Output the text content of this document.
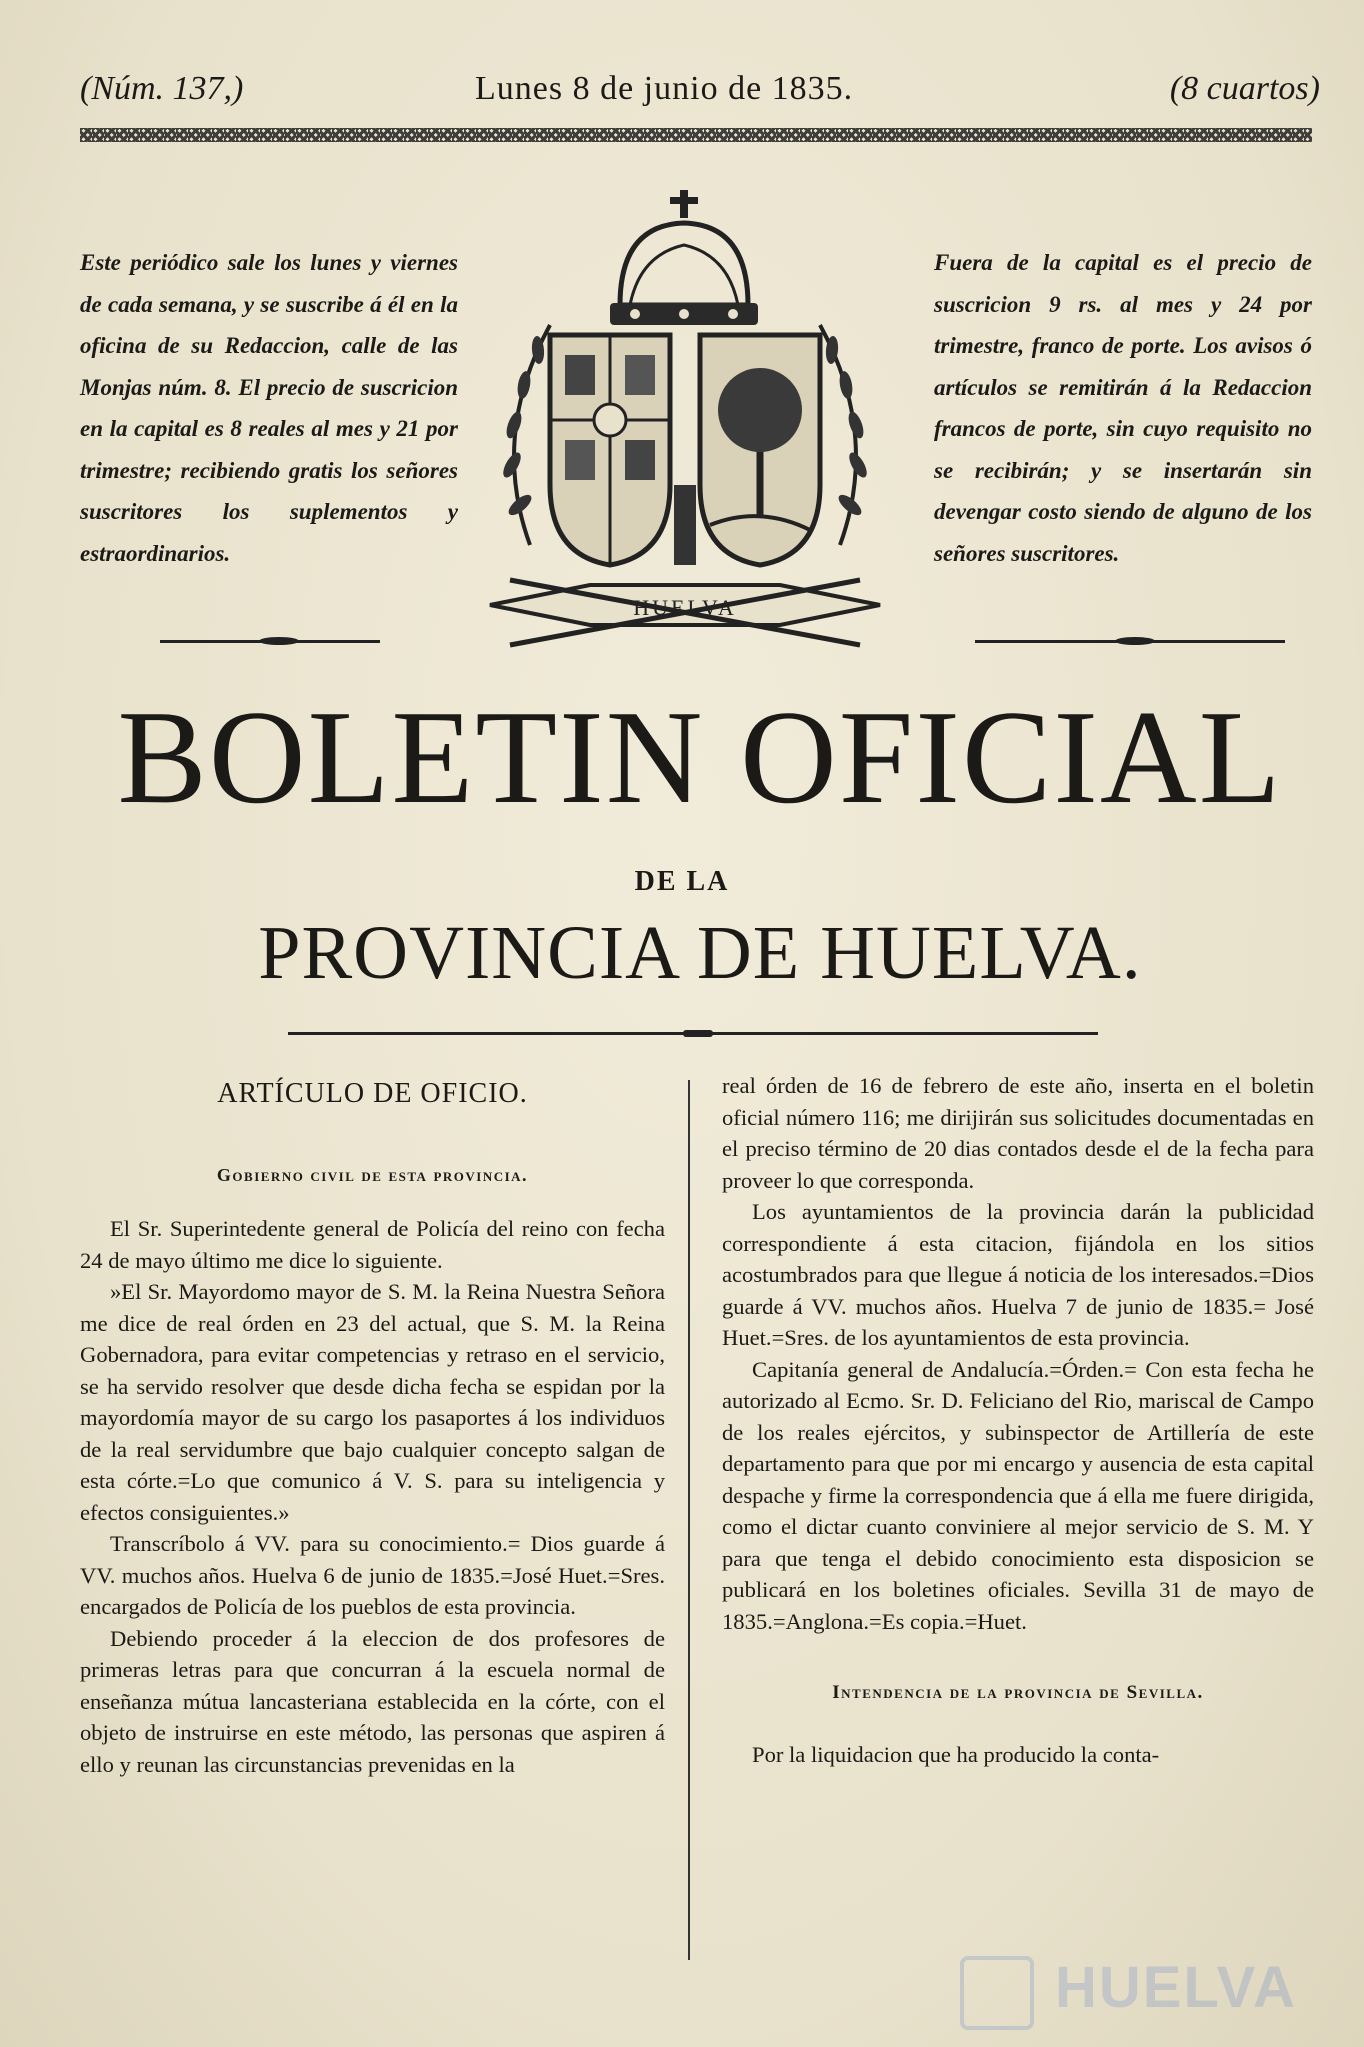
(Núm. 137,)	Lunes 8 de junio de 1835.	(8 cuartos)
Este periódico sale los lunes y viernes de cada semana, y se suscribe á él en la oficina de su Redaccion, calle de las Monjas núm. 8. El precio de suscricion en la capital es 8 reales al mes y 21 por trimestre; recibiendo gratis los señores suscritores los suplementos y estraordinarios.
Fuera de la capital es el precio de suscricion 9 rs. al mes y 24 por trimestre, franco de porte. Los avisos ó artículos se remitirán á la Redaccion francos de porte, sin cuyo requisito no se recibirán; y se insertarán sin devengar costo siendo de alguno de los señores suscritores.
HUELVA
BOLETIN OFICIAL
DE LA
PROVINCIA DE HUELVA.
ARTÍCULO DE OFICIO.
Gobierno civil de esta provincia.

El Sr. Superintedente general de Policía del reino con fecha 24 de mayo último me dice lo siguiente.

»El Sr. Mayordomo mayor de S. M. la Reina Nuestra Señora me dice de real órden en 23 del actual, que S. M. la Reina Gobernadora, para evitar competencias y retraso en el servicio, se ha servido resolver que desde dicha fecha se espidan por la mayordomía mayor de su cargo los pasaportes á los individuos de la real servidumbre que bajo cualquier concepto salgan de esta córte.=Lo que comunico á V. S. para su inteligencia y efectos consiguientes.»

Transcríbolo á VV. para su conocimiento.= Dios guarde á VV. muchos años. Huelva 6 de junio de 1835.=José Huet.=Sres. encargados de Policía de los pueblos de esta provincia.

Debiendo proceder á la eleccion de dos profesores de primeras letras para que concurran á la escuela normal de enseñanza mútua lancasteriana establecida en la córte, con el objeto de instruirse en este método, las personas que aspiren á ello y reunan las circunstancias prevenidas en la

real órden de 16 de febrero de este año, inserta en el boletin oficial número 116; me dirijirán sus solicitudes documentadas en el preciso término de 20 dias contados desde el de la fecha para proveer lo que corresponda.

Los ayuntamientos de la provincia darán la publicidad correspondiente á esta citacion, fijándola en los sitios acostumbrados para que llegue á noticia de los interesados.=Dios guarde á VV. muchos años. Huelva 7 de junio de 1835.= José Huet.=Sres. de los ayuntamientos de esta provincia.

Capitanía general de Andalucía.=Órden.= Con esta fecha he autorizado al Ecmo. Sr. D. Feliciano del Rio, mariscal de Campo de los reales ejércitos, y subinspector de Artillería de este departamento para que por mi encargo y ausencia de esta capital despache y firme la correspondencia que á ella me fuere dirigida, como el dictar cuanto conviniere al mejor servicio de S. M. Y para que tenga el debido conocimiento esta disposicion se publicará en los boletines oficiales. Sevilla 31 de mayo de 1835.=Anglona.=Es copia.=Huet.

Intendencia de la provincia de Sevilla.

Por la liquidacion que ha producido la conta-

HUELVA
